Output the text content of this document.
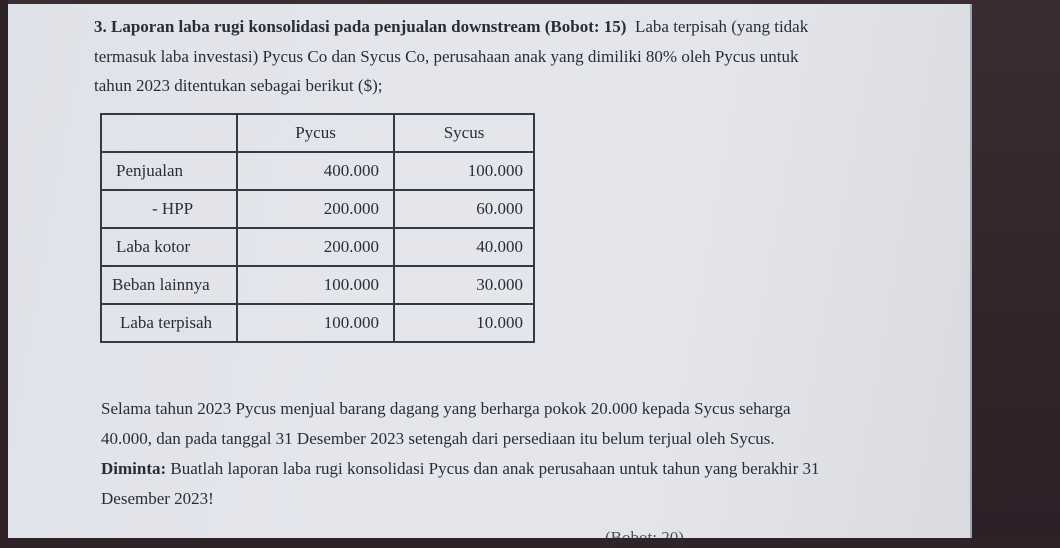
3. Laporan laba rugi konsolidasi pada penjualan downstream (Bobot: 15) Laba terpisah (yang tidak

termasuk laba investasi) Pycus Co dan Sycus Co, perusahaan anak yang dimiliki 80% oleh Pycus untuk

tahun 2023 ditentukan sebagai berikut ($);

	Pycus	Sycus
Penjualan	400.000	100.000
- HPP	200.000	60.000
Laba kotor	200.000	40.000
Beban lainnya	100.000	30.000
Laba terpisah	100.000	10.000

Selama tahun 2023 Pycus menjual barang dagang yang berharga pokok 20.000 kepada Sycus seharga

40.000, dan pada tanggal 31 Desember 2023 setengah dari persediaan itu belum terjual oleh Sycus.

Diminta: Buatlah laporan laba rugi konsolidasi Pycus dan anak perusahaan untuk tahun yang berakhir 31

Desember 2023!

(Bobot: 20)
